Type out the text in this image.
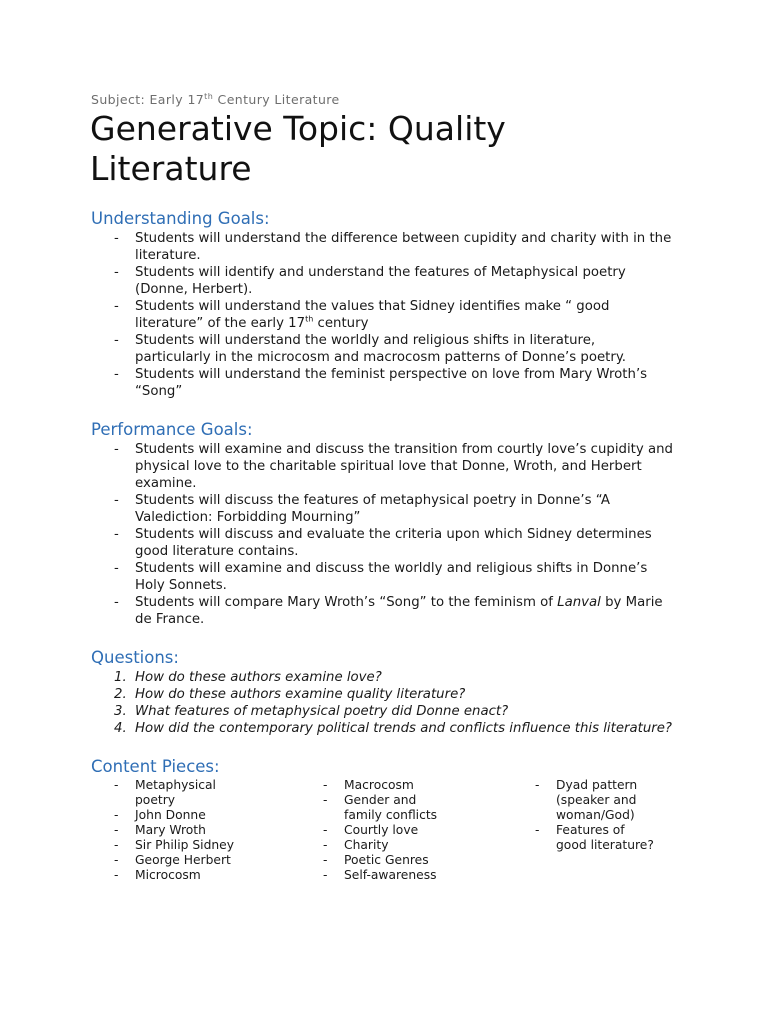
Subject: Early 17th Century Literature
Generative Topic: Quality Literature
Understanding Goals:
- Students will understand the difference between cupidity and charity with in the literature.
- Students will identify and understand the features of Metaphysical poetry (Donne, Herbert).
- Students will understand the values that Sidney identifies make “ good literature” of the early 17th century
- Students will understand the worldly and religious shifts in literature, particularly in the microcosm and macrocosm patterns of Donne’s poetry.
- Students will understand the feminist perspective on love from Mary Wroth’s “Song”
Performance Goals:
- Students will examine and discuss the transition from courtly love’s cupidity and physical love to the charitable spiritual love that Donne, Wroth, and Herbert examine.
- Students will discuss the features of metaphysical poetry in Donne’s “A Valediction: Forbidding Mourning”
- Students will discuss and evaluate the criteria upon which Sidney determines good literature contains.
- Students will examine and discuss the worldly and religious shifts in Donne’s Holy Sonnets.
- Students will compare Mary Wroth’s “Song” to the feminism of Lanval by Marie de France.
Questions:
1. How do these authors examine love?
2. How do these authors examine quality literature?
3. What features of metaphysical poetry did Donne enact?
4. How did the contemporary political trends and conflicts influence this literature?
Content Pieces:
- Metaphysical poetry
- John Donne
- Mary Wroth
- Sir Philip Sidney
- George Herbert
- Microcosm
- Macrocosm
- Gender and family conflicts
- Courtly love
- Charity
- Poetic Genres
- Self-awareness
- Dyad pattern (speaker and woman/God)
- Features of good literature?
